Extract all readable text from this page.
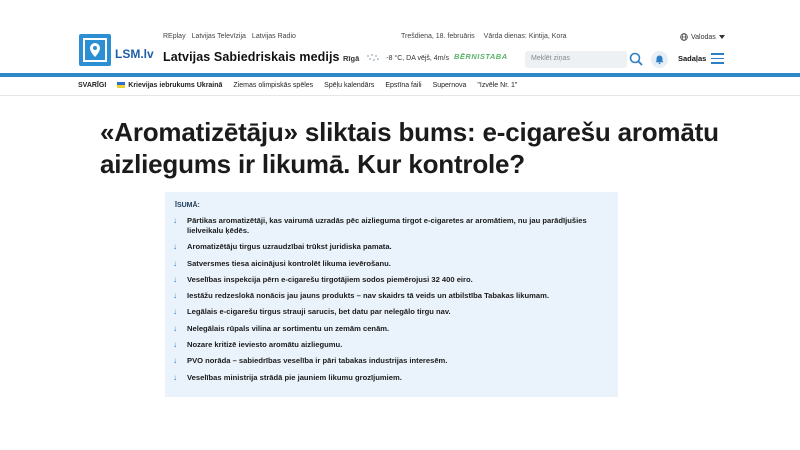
LSM.lv
REplay Latvijas Televīzija Latvijas Radio
Latvijas Sabiedriskais medijs
Trešdiena, 18. februāris Vārda dienas: Kintija, Kora	Valodas
Rīgā	-8 °C, DA vējš, 4m/s BĒRNISTABA	Meklēt ziņas	Sadaļas
SVARĪGI	Krievijas iebrukums Ukrainā Ziemas olimpiskās spēles Spēļu kalendārs Epstīna faili Supernova "Izvēle Nr. 1"
«Aromatizētāju» sliktais bums: e-cigarešu aromātu aizliegums ir likumā. Kur kontrole?
ĪSUMĀ:
↓	Pārtikas aromatizētāji, kas vairumā uzradās pēc aizlieguma tirgot e-cigaretes ar aromātiem, nu jau parādījušies lielveikalu ķēdēs.
↓	Aromatizētāju tirgus uzraudzībai trūkst juridiska pamata.
↓	Satversmes tiesa aicinājusi kontrolēt likuma ievērošanu.
↓	Veselības inspekcija pērn e-cigarešu tirgotājiem sodos piemērojusi 32 400 eiro.
↓	Iestāžu redzeslokā nonācis jau jauns produkts – nav skaidrs tā veids un atbilstība Tabakas likumam.
↓	Legālais e-cigarešu tirgus strauji sarucis, bet datu par nelegālo tirgu nav.
↓	Nelegālais rūpals vilina ar sortimentu un zemām cenām.
↓	Nozare kritizē ieviesto aromātu aizliegumu.
↓	PVO norāda – sabiedrības veselība ir pāri tabakas industrijas interesēm.
↓	Veselības ministrija strādā pie jauniem likumu grozījumiem.
